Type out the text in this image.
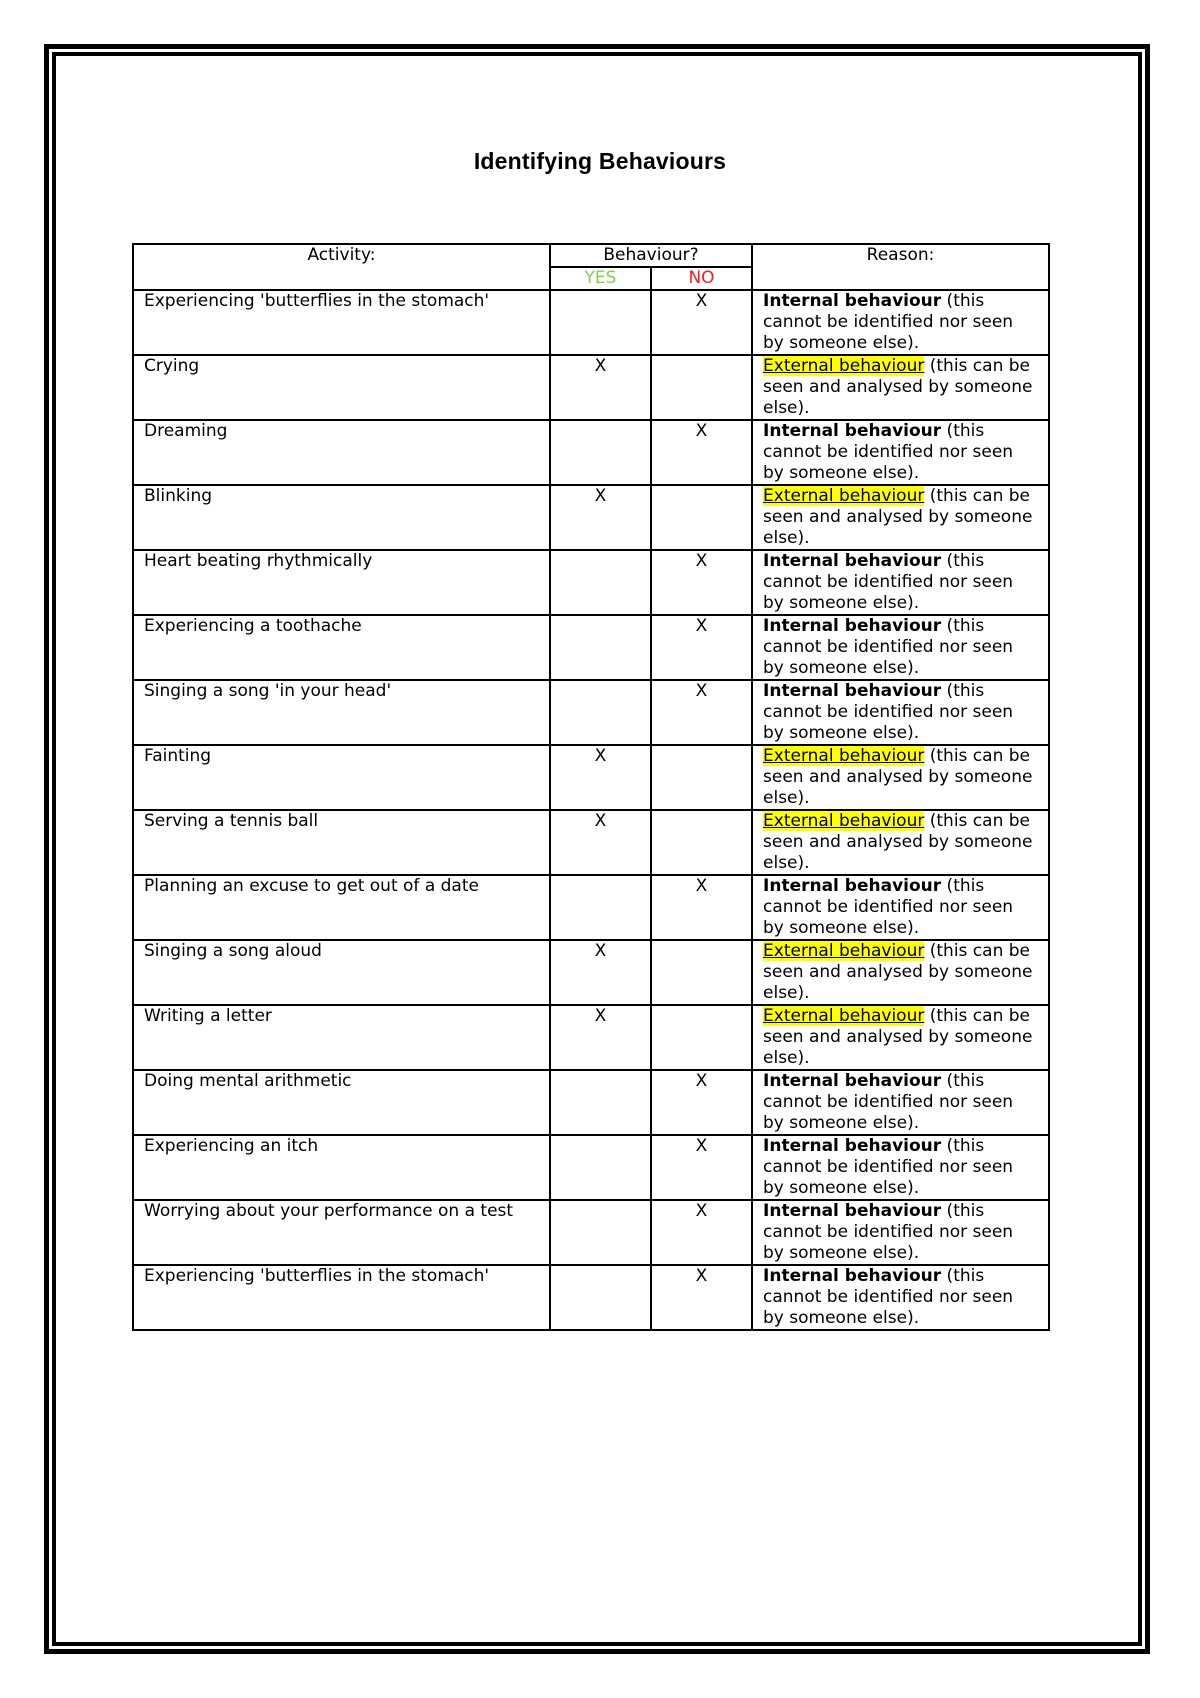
Identifying Behaviours
Activity:	Behaviour?		Reason:
	YES	NO	
Experiencing 'butterflies in the stomach'		X	Internal behaviour (this cannot be identified nor seen by someone else).
Crying	X		External behaviour (this can be seen and analysed by someone else).
Dreaming		X	Internal behaviour (this cannot be identified nor seen by someone else).
Blinking	X		External behaviour (this can be seen and analysed by someone else).
Heart beating rhythmically		X	Internal behaviour (this cannot be identified nor seen by someone else).
Experiencing a toothache		X	Internal behaviour (this cannot be identified nor seen by someone else).
Singing a song 'in your head'		X	Internal behaviour (this cannot be identified nor seen by someone else).
Fainting	X		External behaviour (this can be seen and analysed by someone else).
Serving a tennis ball	X		External behaviour (this can be seen and analysed by someone else).
Planning an excuse to get out of a date		X	Internal behaviour (this cannot be identified nor seen by someone else).
Singing a song aloud	X		External behaviour (this can be seen and analysed by someone else).
Writing a letter	X		External behaviour (this can be seen and analysed by someone else).
Doing mental arithmetic		X	Internal behaviour (this cannot be identified nor seen by someone else).
Experiencing an itch		X	Internal behaviour (this cannot be identified nor seen by someone else).
Worrying about your performance on a test		X	Internal behaviour (this cannot be identified nor seen by someone else).
Experiencing 'butterflies in the stomach'		X	Internal behaviour (this cannot be identified nor seen by someone else).
